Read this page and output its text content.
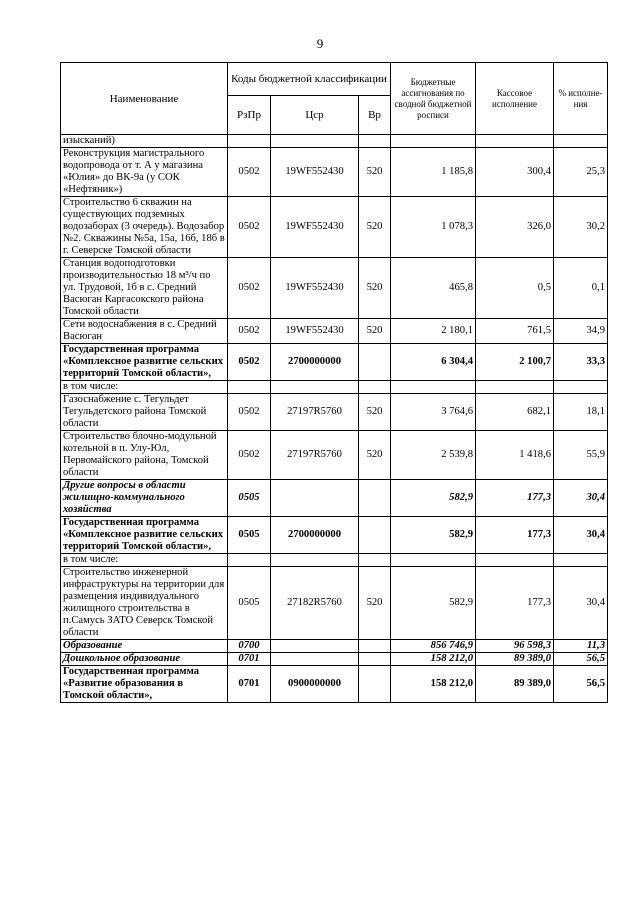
9
Наименование	Коды бюджетной классификации			Бюджетные ассигнования по сводной бюджетной росписи	Кассовое исполнение	% исполне-ния
	РзПр	Цср	Вр			
изысканий)						
Реконструкция магистрального водопровода от т. А у магазина «Юлия» до ВК-9а (у СОК «Нефтяник»)	0502	19WF552430	520	1 185,8	300,4	25,3
Строительство 6 скважин на существующих подземных водозаборах (3 очередь). Водозабор №2. Скважины №5а, 15а, 16б, 18б в г. Северске Томской области	0502	19WF552430	520	1 078,3	326,0	30,2
Станция водоподготовки производительностью 18 м³/ч по ул. Трудовой, 1б в с. Средний Васюган Каргасокского района Томской области	0502	19WF552430	520	465,8	0,5	0,1
Сети водоснабжения в с. Средний Васюган	0502	19WF552430	520	2 180,1	761,5	34,9
Государственная программа «Комплексное развитие сельских территорий Томской области»,	0502	2700000000		6 304,4	2 100,7	33,3
в том числе:						
Газоснабжение с. Тегульдет Тегульдетского района Томской области	0502	27197R5760	520	3 764,6	682,1	18,1
Строительство блочно-модульной котельной в п. Улу-Юл, Первомайского района, Томской области	0502	27197R5760	520	2 539,8	1 418,6	55,9
Другие вопросы в области жилищно-коммунального хозяйства	0505			582,9	177,3	30,4
Государственная программа «Комплексное развитие сельских территорий Томской области»,	0505	2700000000		582,9	177,3	30,4
в том числе:						
Строительство инженерной инфраструктуры на территории для размещения индивидуального жилищного строительства в п.Самусь ЗАТО Северск Томской области	0505	27182R5760	520	582,9	177,3	30,4
Образование	0700			856 746,9	96 598,3	11,3
Дошкольное образование	0701			158 212,0	89 389,0	56,5
Государственная программа «Развитие образования в Томской области»,	0701	0900000000		158 212,0	89 389,0	56,5
